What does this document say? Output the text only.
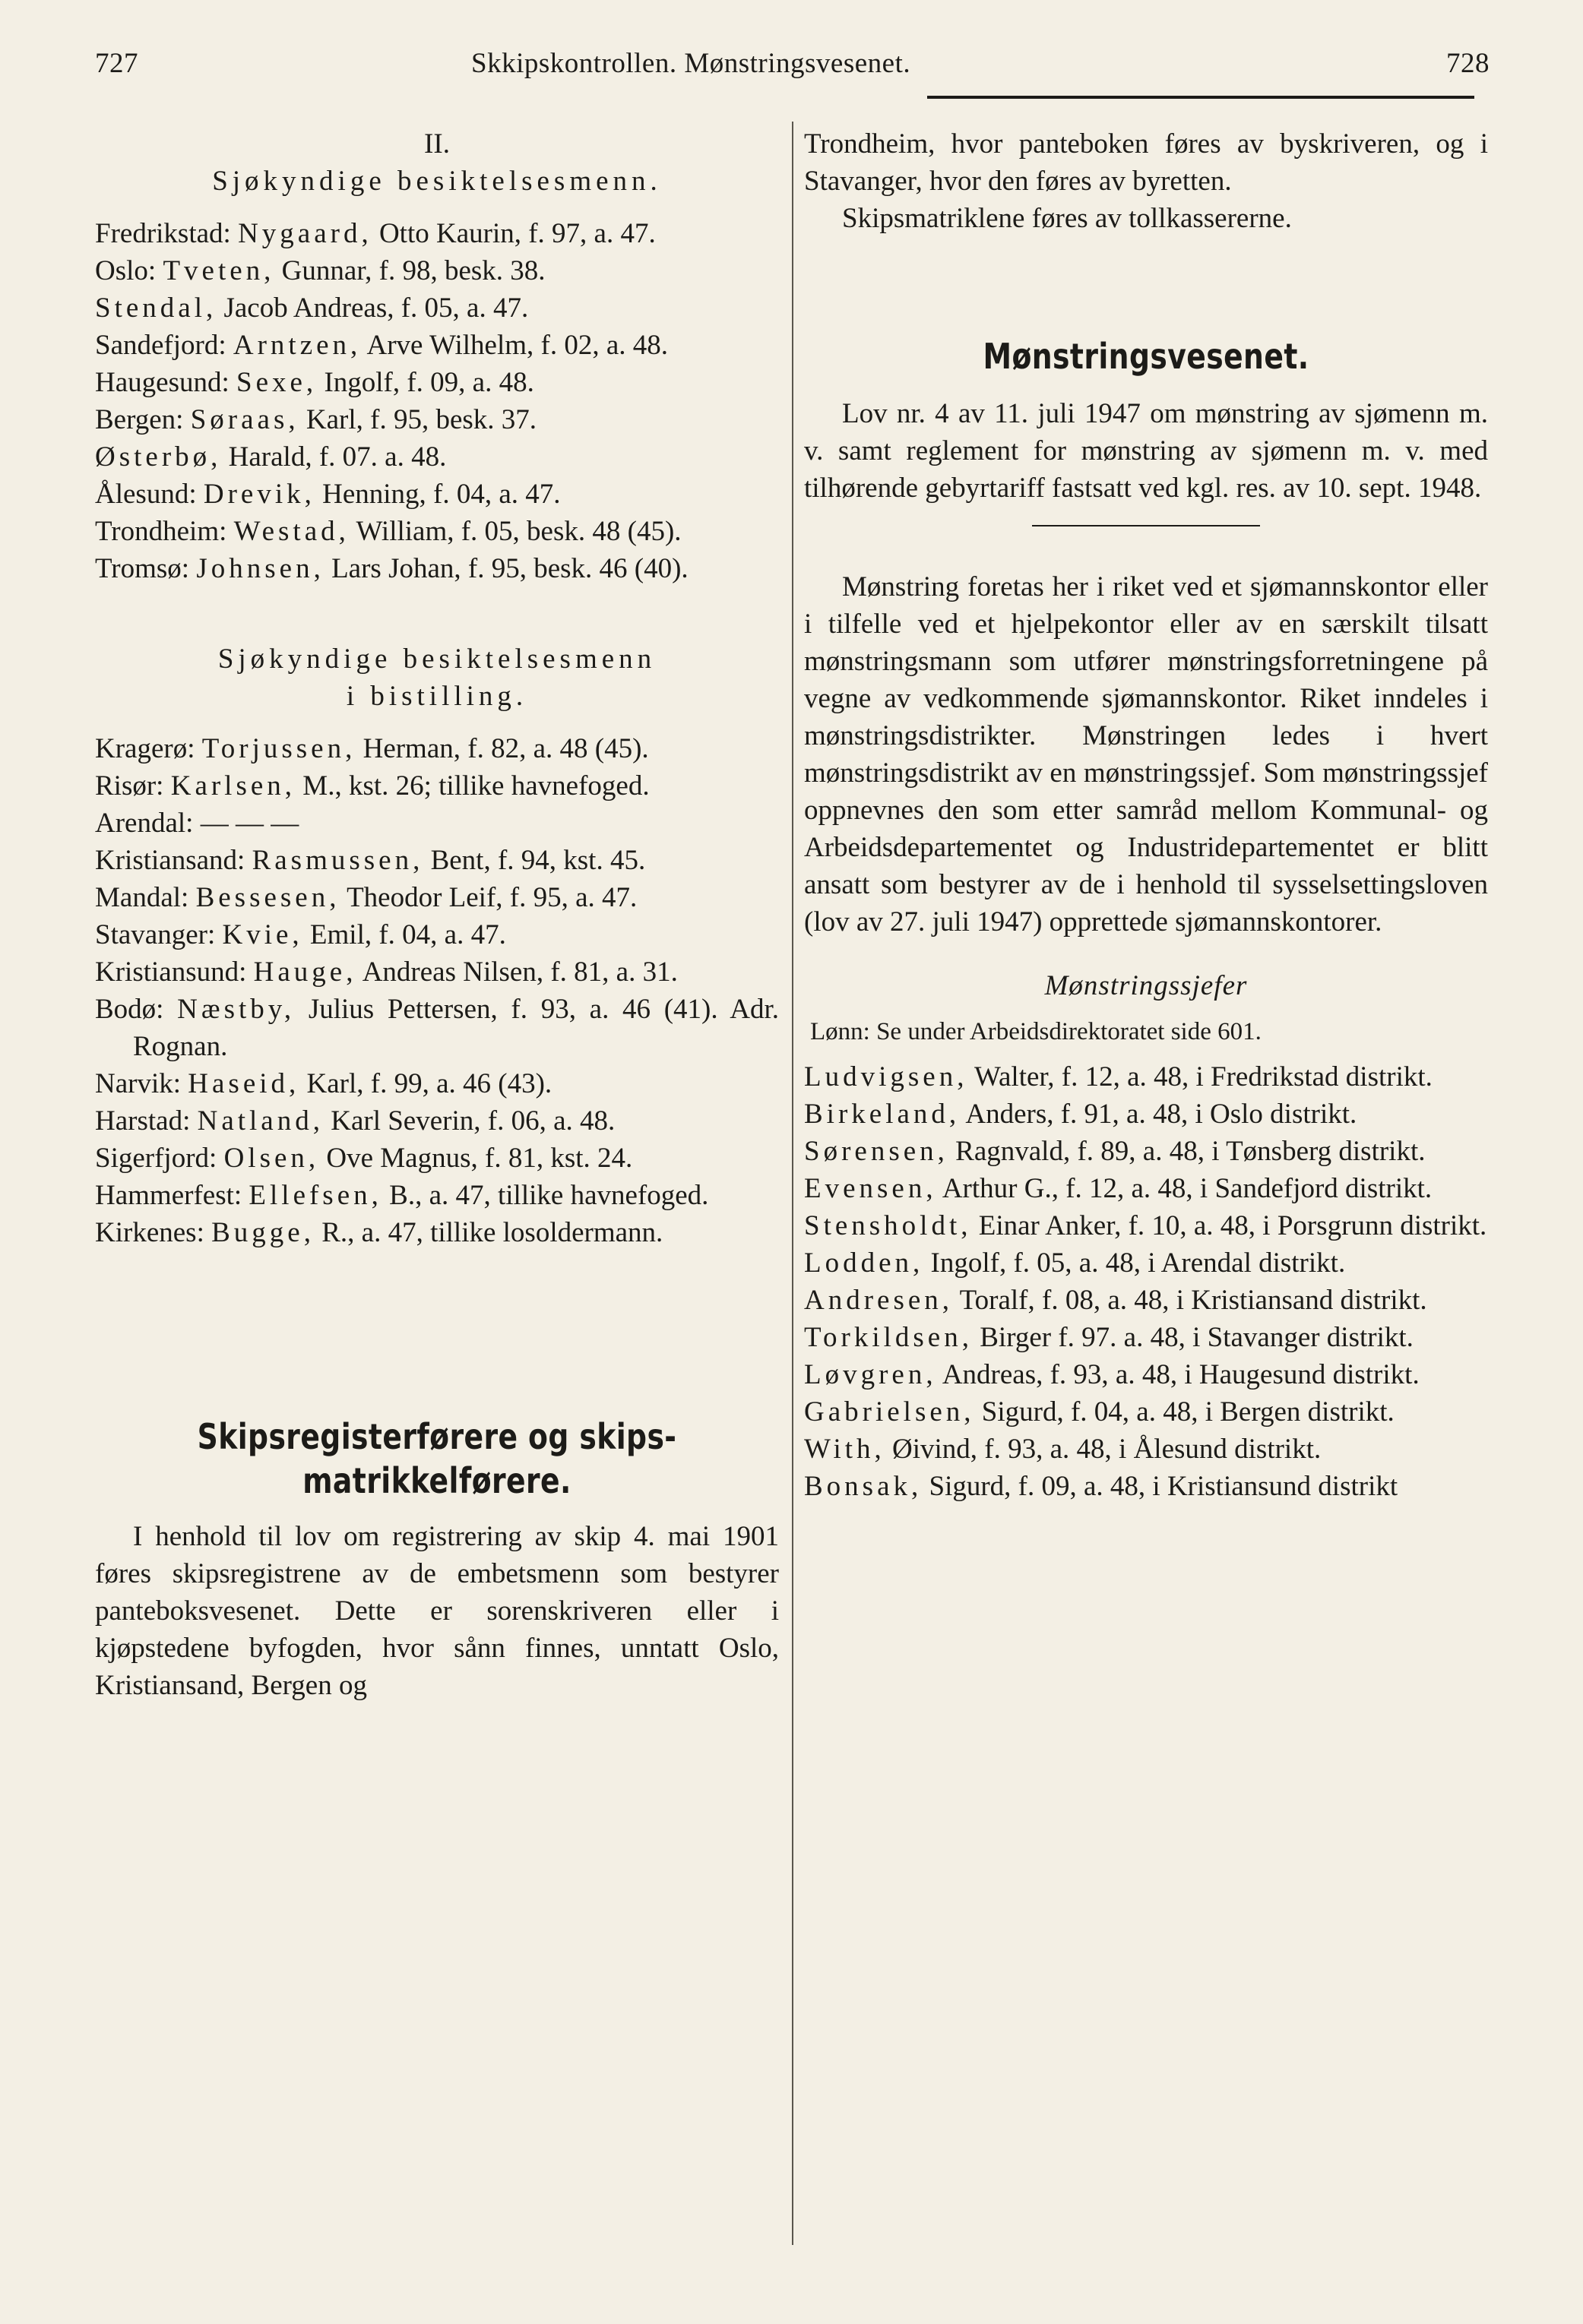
727	Skkipskontrollen. Mønstringsvesenet.	728
II.
Sjøkyndige besiktelsesmenn.
Fredrikstad: Nygaard, Otto Kaurin, f. 97, a. 47.
Oslo: Tveten, Gunnar, f. 98, besk. 38.
Stendal, Jacob Andreas, f. 05, a. 47.
Sandefjord: Arntzen, Arve Wilhelm, f. 02, a. 48.
Haugesund: Sexe, Ingolf, f. 09, a. 48.
Bergen: Søraas, Karl, f. 95, besk. 37.
Østerbø, Harald, f. 07. a. 48.
Ålesund: Drevik, Henning, f. 04, a. 47.
Trondheim: Westad, William, f. 05, besk. 48 (45).
Tromsø: Johnsen, Lars Johan, f. 95, besk. 46 (40).
Sjøkyndige besiktelsesmenn
i bistilling.
Kragerø: Torjussen, Herman, f. 82, a. 48 (45).
Risør: Karlsen, M., kst. 26; tillike havnefoged.
Arendal: — — —
Kristiansand: Rasmussen, Bent, f. 94, kst. 45.
Mandal: Bessesen, Theodor Leif, f. 95, a. 47.
Stavanger: Kvie, Emil, f. 04, a. 47.
Kristiansund: Hauge, Andreas Nilsen, f. 81, a. 31.
Bodø: Næstby, Julius Pettersen, f. 93, a. 46 (41). Adr. Rognan.
Narvik: Haseid, Karl, f. 99, a. 46 (43).
Harstad: Natland, Karl Severin, f. 06, a. 48.
Sigerfjord: Olsen, Ove Magnus, f. 81, kst. 24.
Hammerfest: Ellefsen, B., a. 47, tillike havnefoged.
Kirkenes: Bugge, R., a. 47, tillike losoldermann.
Skipsregisterførere og skips-
matrikkelførere.
I henhold til lov om registrering av skip 4. mai 1901 føres skipsregistrene av de embetsmenn som bestyrer panteboksvesenet. Dette er sorenskriveren eller i kjøpstedene byfogden, hvor sånn finnes, unntatt Oslo, Kristiansand, Bergen og
Trondheim, hvor panteboken føres av byskriveren, og i Stavanger, hvor den føres av byretten.
Skipsmatriklene føres av tollkassererne.
Mønstringsvesenet.
Lov nr. 4 av 11. juli 1947 om mønstring av sjømenn m. v. samt reglement for mønstring av sjømenn m. v. med tilhørende gebyrtariff fastsatt ved kgl. res. av 10. sept. 1948.
Mønstring foretas her i riket ved et sjømannskontor eller i tilfelle ved et hjelpekontor eller av en særskilt tilsatt mønstringsmann som utfører mønstringsforretningene på vegne av vedkommende sjømannskontor. Riket inndeles i mønstringsdistrikter. Mønstringen ledes i hvert mønstringsdistrikt av en mønstringssjef. Som mønstringssjef oppnevnes den som etter samråd mellom Kommunal- og Arbeidsdepartementet og Industridepartementet er blitt ansatt som bestyrer av de i henhold til sysselsettingsloven (lov av 27. juli 1947) opprettede sjømannskontorer.
Mønstringssjefer
Lønn: Se under Arbeidsdirektoratet side 601.
Ludvigsen, Walter, f. 12, a. 48, i Fredrikstad distrikt.
Birkeland, Anders, f. 91, a. 48, i Oslo distrikt.
Sørensen, Ragnvald, f. 89, a. 48, i Tønsberg distrikt.
Evensen, Arthur G., f. 12, a. 48, i Sandefjord distrikt.
Stensholdt, Einar Anker, f. 10, a. 48, i Porsgrunn distrikt.
Lodden, Ingolf, f. 05, a. 48, i Arendal distrikt.
Andresen, Toralf, f. 08, a. 48, i Kristiansand distrikt.
Torkildsen, Birger f. 97. a. 48, i Stavanger distrikt.
Løvgren, Andreas, f. 93, a. 48, i Haugesund distrikt.
Gabrielsen, Sigurd, f. 04, a. 48, i Bergen distrikt.
With, Øivind, f. 93, a. 48, i Ålesund distrikt.
Bonsak, Sigurd, f. 09, a. 48, i Kristiansund distrikt
